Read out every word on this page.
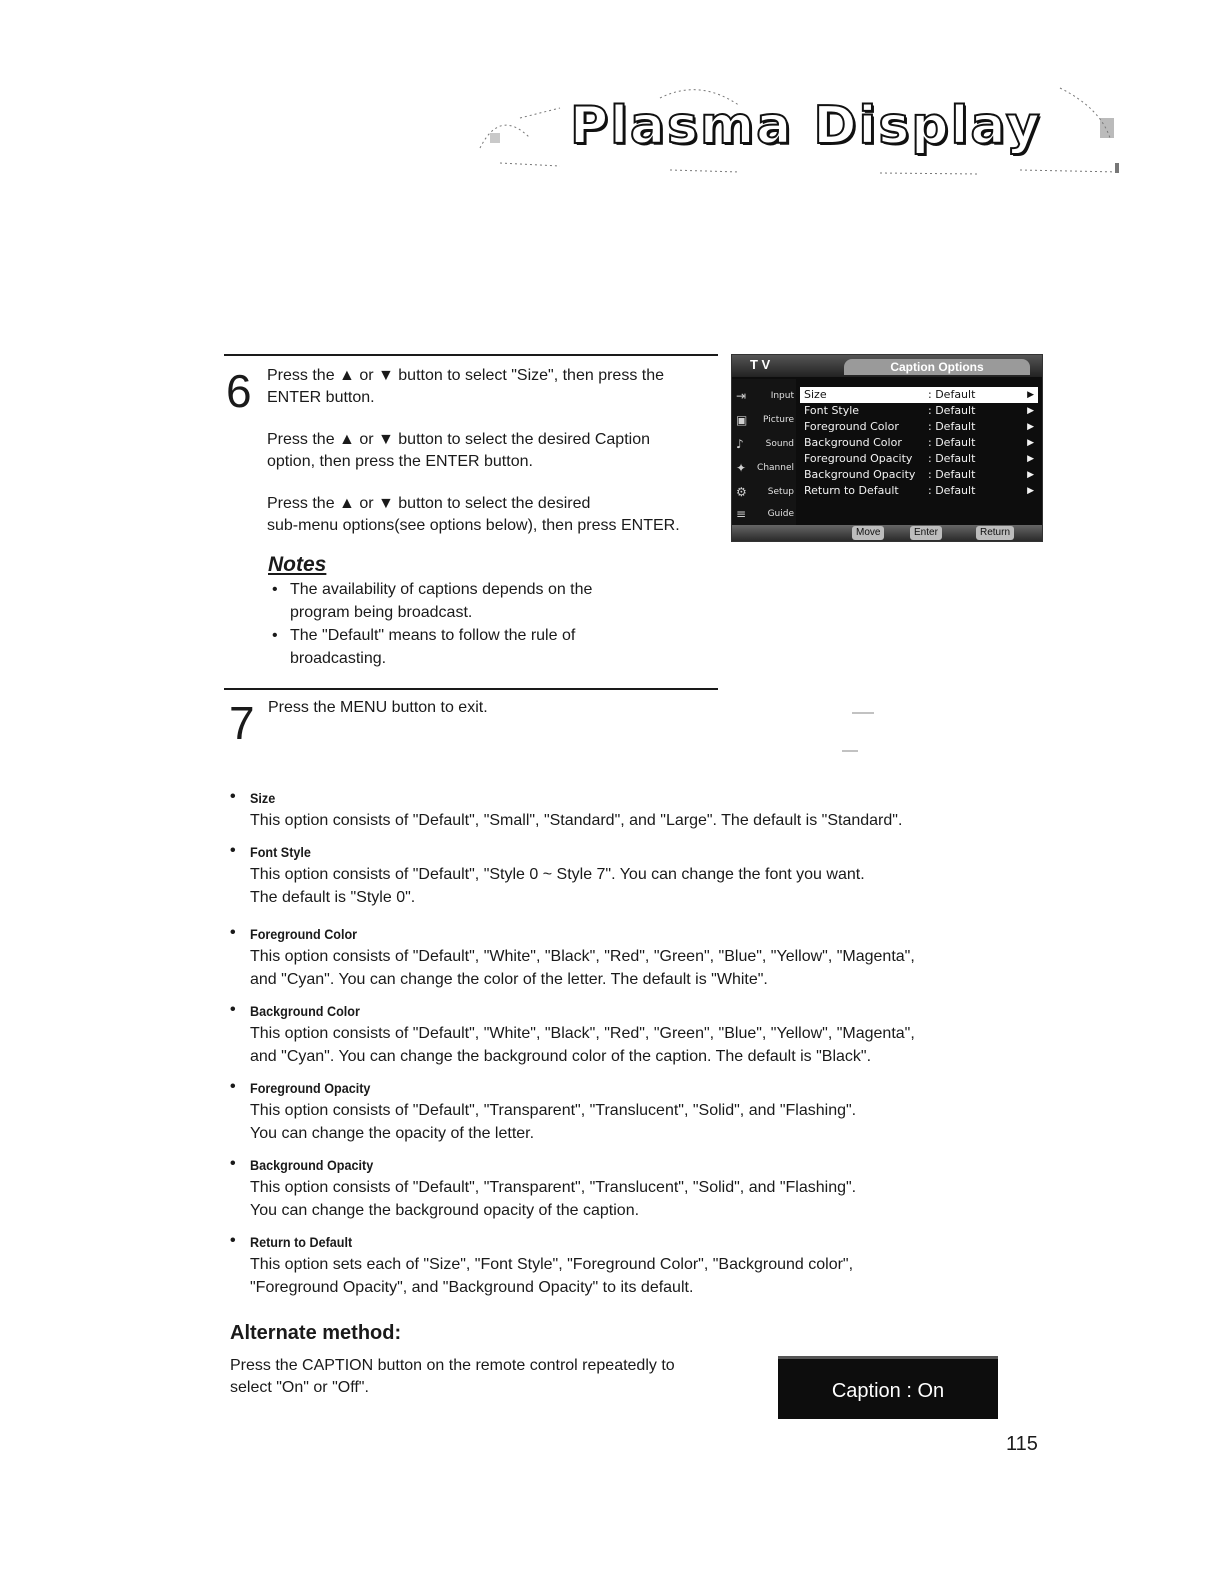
Plasma Display
6 Press the ▲ or ▼ button to select "Size", then press the
ENTER button.
Press the ▲ or ▼ button to select the desired Caption
option, then press the ENTER button.
Press the ▲ or ▼ button to select the desired
sub-menu options(see options below), then press ENTER.
Notes
• The availability of captions depends on the
program being broadcast.
• The "Default" means to follow the rule of
broadcasting.
T V	Caption Options
⇥	Input
▣ Picture
♪	Sound
✦	Channel
⚙	Setup
≡	Guide
Size	: Default	▶
Font Style	: Default	▶
Foreground Color	: Default	▶
Background Color : Default	▶
Foreground Opacity : Default	▶
Background Opacity : Default	▶
Return to Default	: Default	▶
Move	Enter	Return
7 Press the MENU button to exit.
• Size
This option consists of "Default", "Small", "Standard", and "Large". The default is "Standard".
• Font Style
This option consists of "Default", "Style 0 ~ Style 7". You can change the font you want.
The default is "Style 0".
• Foreground Color
This option consists of "Default", "White", "Black", "Red", "Green", "Blue", "Yellow", "Magenta",
and "Cyan". You can change the color of the letter. The default is "White".
• Background Color
This option consists of "Default", "White", "Black", "Red", "Green", "Blue", "Yellow", "Magenta",
and "Cyan". You can change the background color of the caption. The default is "Black".
• Foreground Opacity
This option consists of "Default", "Transparent", "Translucent", "Solid", and "Flashing".
You can change the opacity of the letter.
• Background Opacity
This option consists of "Default", "Transparent", "Translucent", "Solid", and "Flashing".
You can change the background opacity of the caption.
• Return to Default
This option sets each of "Size", "Font Style", "Foreground Color", "Background color",
"Foreground Opacity", and "Background Opacity" to its default.
Alternate method:
Press the CAPTION button on the remote control repeatedly to
select "On" or "Off".	Caption : On
115
